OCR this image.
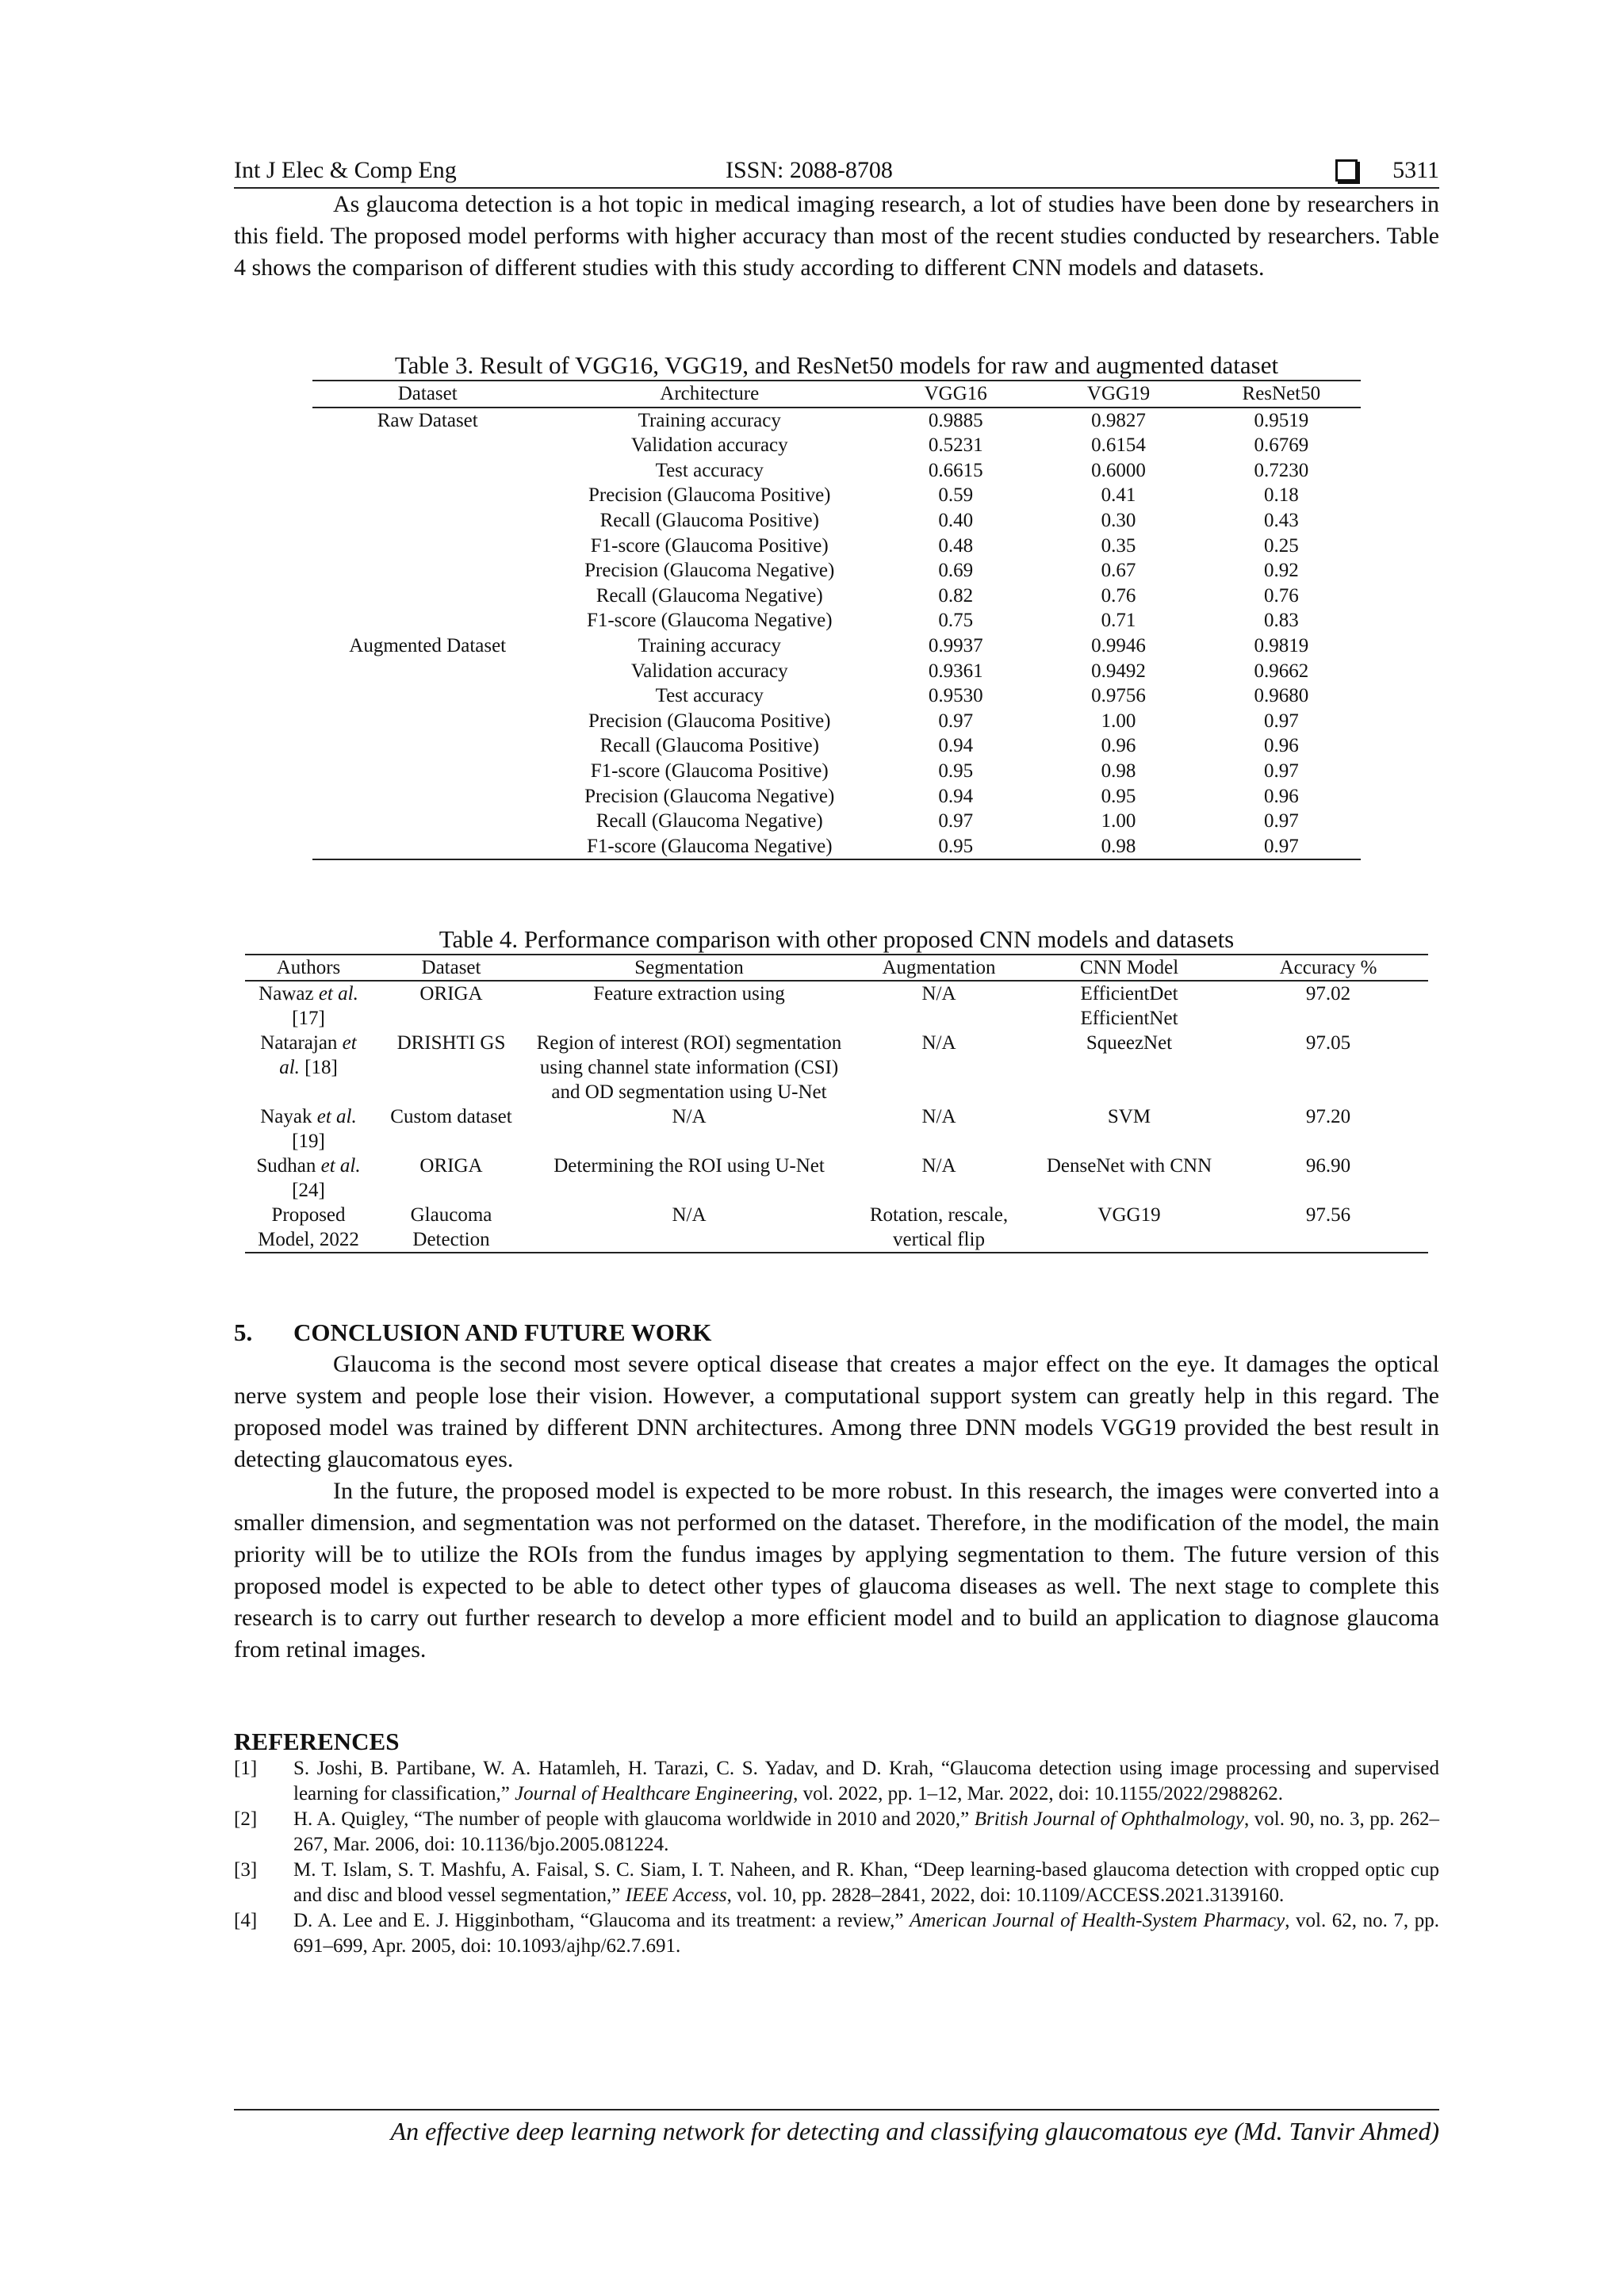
Int J Elec & Comp Eng	ISSN: 2088-8708	5311

As glaucoma detection is a hot topic in medical imaging research, a lot of studies have been done by researchers in this field. The proposed model performs with higher accuracy than most of the recent studies conducted by researchers. Table 4 shows the comparison of different studies with this study according to different CNN models and datasets.

Table 3. Result of VGG16, VGG19, and ResNet50 models for raw and augmented dataset

Dataset	Architecture	VGG16	VGG19	ResNet50
Raw Dataset	Training accuracy	0.9885	0.9827	0.9519
	Validation accuracy	0.5231	0.6154	0.6769
	Test accuracy	0.6615	0.6000	0.7230
	Precision (Glaucoma Positive)	0.59	0.41	0.18
	Recall (Glaucoma Positive)	0.40	0.30	0.43
	F1-score (Glaucoma Positive)	0.48	0.35	0.25
	Precision (Glaucoma Negative)	0.69	0.67	0.92
	Recall (Glaucoma Negative)	0.82	0.76	0.76
	F1-score (Glaucoma Negative)	0.75	0.71	0.83
Augmented Dataset	Training accuracy	0.9937	0.9946	0.9819
	Validation accuracy	0.9361	0.9492	0.9662
	Test accuracy	0.9530	0.9756	0.9680
	Precision (Glaucoma Positive)	0.97	1.00	0.97
	Recall (Glaucoma Positive)	0.94	0.96	0.96
	F1-score (Glaucoma Positive)	0.95	0.98	0.97
	Precision (Glaucoma Negative)	0.94	0.95	0.96
	Recall (Glaucoma Negative)	0.97	1.00	0.97
	F1-score (Glaucoma Negative)	0.95	0.98	0.97

Table 4. Performance comparison with other proposed CNN models and datasets

Authors	Dataset	Segmentation	Augmentation	CNN Model	Accuracy %
Nawaz et al. [17]	ORIGA	Feature extraction using	N/A	EfficientDet EfficientNet	97.02
Natarajan et al. [18]	DRISHTI GS	Region of interest (ROI) segmentation using channel state information (CSI) and OD segmentation using U-Net	N/A	SqueezNet	97.05
Nayak et al. [19]	Custom dataset	N/A	N/A	SVM	97.20
Sudhan et al. [24]	ORIGA	Determining the ROI using U-Net	N/A	DenseNet with CNN	96.90
Proposed Model, 2022	Glaucoma Detection	N/A	Rotation, rescale, vertical flip	VGG19	97.56

5. CONCLUSION AND FUTURE WORK

Glaucoma is the second most severe optical disease that creates a major effect on the eye. It damages the optical nerve system and people lose their vision. However, a computational support system can greatly help in this regard. The proposed model was trained by different DNN architectures. Among three DNN models VGG19 provided the best result in detecting glaucomatous eyes.

In the future, the proposed model is expected to be more robust. In this research, the images were converted into a smaller dimension, and segmentation was not performed on the dataset. Therefore, in the modification of the model, the main priority will be to utilize the ROIs from the fundus images by applying segmentation to them. The future version of this proposed model is expected to be able to detect other types of glaucoma diseases as well. The next stage to complete this research is to carry out further research to develop a more efficient model and to build an application to diagnose glaucoma from retinal images.

REFERENCES

[1]	S. Joshi, B. Partibane, W. A. Hatamleh, H. Tarazi, C. S. Yadav, and D. Krah, “Glaucoma detection using image processing and supervised learning for classification,” Journal of Healthcare Engineering, vol. 2022, pp. 1–12, Mar. 2022, doi: 10.1155/2022/2988262.
[2]	H. A. Quigley, “The number of people with glaucoma worldwide in 2010 and 2020,” British Journal of Ophthalmology, vol. 90, no. 3, pp. 262–267, Mar. 2006, doi: 10.1136/bjo.2005.081224.
[3]	M. T. Islam, S. T. Mashfu, A. Faisal, S. C. Siam, I. T. Naheen, and R. Khan, “Deep learning-based glaucoma detection with cropped optic cup and disc and blood vessel segmentation,” IEEE Access, vol. 10, pp. 2828–2841, 2022, doi: 10.1109/ACCESS.2021.3139160.
[4]	D. A. Lee and E. J. Higginbotham, “Glaucoma and its treatment: a review,” American Journal of Health-System Pharmacy, vol. 62, no. 7, pp. 691–699, Apr. 2005, doi: 10.1093/ajhp/62.7.691.
An effective deep learning network for detecting and classifying glaucomatous eye (Md. Tanvir Ahmed)
